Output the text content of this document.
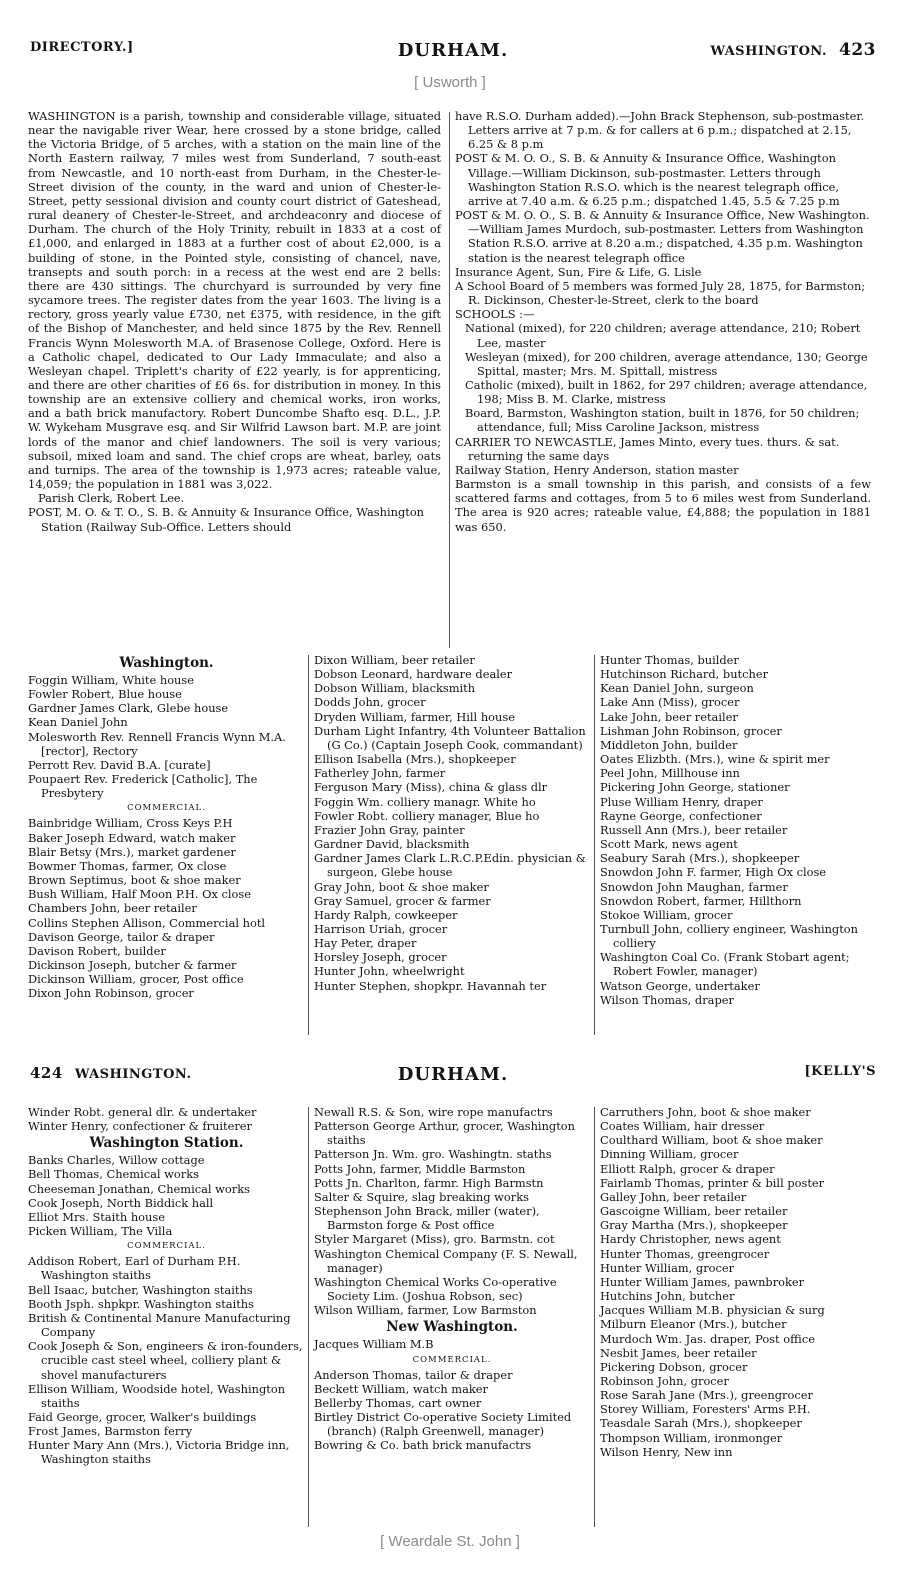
DIRECTORY.]	DURHAM.	WASHINGTON. 423
[ Usworth ]

WASHINGTON is a parish, township and considerable village, situated near the navigable river Wear, here crossed by a stone bridge, called the Victoria Bridge, of 5 arches, with a station on the main line of the North Eastern railway, 7 miles west from Sunderland, 7 south-east from Newcastle, and 10 north-east from Durham, in the Chester-le-Street division of the county, in the ward and union of Chester-le-Street, petty sessional division and county court district of Gateshead, rural deanery of Chester-le-Street, and archdeaconry and diocese of Durham. The church of the Holy Trinity, rebuilt in 1833 at a cost of £1,000, and enlarged in 1883 at a further cost of about £2,000, is a building of stone, in the Pointed style, consisting of chancel, nave, transepts and south porch: in a recess at the west end are 2 bells: there are 430 sittings. The churchyard is surrounded by very fine sycamore trees. The register dates from the year 1603. The living is a rectory, gross yearly value £730, net £375, with residence, in the gift of the Bishop of Manchester, and held since 1875 by the Rev. Rennell Francis Wynn Molesworth M.A. of Brasenose College, Oxford. Here is a Catholic chapel, dedicated to Our Lady Immaculate; and also a Wesleyan chapel. Triplett's charity of £22 yearly, is for apprenticing, and there are other charities of £6 6s. for distribution in money. In this township are an extensive colliery and chemical works, iron works, and a bath brick manufactory. Robert Duncombe Shafto esq. D.L., J.P. W. Wykeham Musgrave esq. and Sir Wilfrid Lawson bart. M.P. are joint lords of the manor and chief landowners. The soil is very various; subsoil, mixed loam and sand. The chief crops are wheat, barley, oats and turnips. The area of the township is 1,973 acres; rateable value, 14,059; the population in 1881 was 3,022.

Parish Clerk, Robert Lee.

POST, M. O. & T. O., S. B. & Annuity & Insurance Office, Washington Station (Railway Sub-Office. Letters should

have R.S.O. Durham added).—John Brack Stephenson, sub-postmaster. Letters arrive at 7 p.m. & for callers at 6 p.m.; dispatched at 2.15, 6.25 & 8 p.m

POST & M. O. O., S. B. & Annuity & Insurance Office, Washington Village.—William Dickinson, sub-postmaster. Letters through Washington Station R.S.O. which is the nearest telegraph office, arrive at 7.40 a.m. & 6.25 p.m.; dispatched 1.45, 5.5 & 7.25 p.m

POST & M. O. O., S. B. & Annuity & Insurance Office, New Washington.—William James Murdoch, sub-postmaster. Letters from Washington Station R.S.O. arrive at 8.20 a.m.; dispatched, 4.35 p.m. Washington station is the nearest telegraph office

Insurance Agent, Sun, Fire & Life, G. Lisle

A School Board of 5 members was formed July 28, 1875, for Barmston; R. Dickinson, Chester-le-Street, clerk to the board

SCHOOLS :—

National (mixed), for 220 children; average attendance, 210; Robert Lee, master

Wesleyan (mixed), for 200 children, average attendance, 130; George Spittal, master; Mrs. M. Spittall, mistress

Catholic (mixed), built in 1862, for 297 children; average attendance, 198; Miss B. M. Clarke, mistress

Board, Barmston, Washington station, built in 1876, for 50 children; attendance, full; Miss Caroline Jackson, mistress

CARRIER TO NEWCASTLE, James Minto, every tues. thurs. & sat. returning the same days

Railway Station, Henry Anderson, station master

Barmston is a small township in this parish, and consists of a few scattered farms and cottages, from 5 to 6 miles west from Sunderland. The area is 920 acres; rateable value, £4,888; the population in 1881 was 650.

Washington.

Foggin William, White house

Fowler Robert, Blue house

Gardner James Clark, Glebe house

Kean Daniel John

Molesworth Rev. Rennell Francis Wynn M.A. [rector], Rectory

Perrott Rev. David B.A. [curate]

Poupaert Rev. Frederick [Catholic], The Presbytery

COMMERCIAL.

Bainbridge William, Cross Keys P.H

Baker Joseph Edward, watch maker

Blair Betsy (Mrs.), market gardener

Bowmer Thomas, farmer, Ox close

Brown Septimus, boot & shoe maker

Bush William, Half Moon P.H. Ox close

Chambers John, beer retailer

Collins Stephen Allison, Commercial hotl

Davison George, tailor & draper

Davison Robert, builder

Dickinson Joseph, butcher & farmer

Dickinson William, grocer, Post office

Dixon John Robinson, grocer

Dixon William, beer retailer

Dobson Leonard, hardware dealer

Dobson William, blacksmith

Dodds John, grocer

Dryden William, farmer, Hill house

Durham Light Infantry, 4th Volunteer Battalion (G Co.) (Captain Joseph Cook, commandant)

Ellison Isabella (Mrs.), shopkeeper

Fatherley John, farmer

Ferguson Mary (Miss), china & glass dlr

Foggin Wm. colliery managr. White ho

Fowler Robt. colliery manager, Blue ho

Frazier John Gray, painter

Gardner David, blacksmith

Gardner James Clark L.R.C.P.Edin. physician & surgeon, Glebe house

Gray John, boot & shoe maker

Gray Samuel, grocer & farmer

Hardy Ralph, cowkeeper

Harrison Uriah, grocer

Hay Peter, draper

Horsley Joseph, grocer

Hunter John, wheelwright

Hunter Stephen, shopkpr. Havannah ter

Hunter Thomas, builder

Hutchinson Richard, butcher

Kean Daniel John, surgeon

Lake Ann (Miss), grocer

Lake John, beer retailer

Lishman John Robinson, grocer

Middleton John, builder

Oates Elizbth. (Mrs.), wine & spirit mer

Peel John, Millhouse inn

Pickering John George, stationer

Pluse William Henry, draper

Rayne George, confectioner

Russell Ann (Mrs.), beer retailer

Scott Mark, news agent

Seabury Sarah (Mrs.), shopkeeper

Snowdon John F. farmer, High Ox close

Snowdon John Maughan, farmer

Snowdon Robert, farmer, Hillthorn

Stokoe William, grocer

Turnbull John, colliery engineer, Washington colliery

Washington Coal Co. (Frank Stobart agent; Robert Fowler, manager)

Watson George, undertaker

Wilson Thomas, draper

424 WASHINGTON.	DURHAM.	[KELLY'S

Winder Robt. general dlr. & undertaker

Winter Henry, confectioner & fruiterer

Washington Station.

Banks Charles, Willow cottage

Bell Thomas, Chemical works

Cheeseman Jonathan, Chemical works

Cook Joseph, North Biddick hall

Elliot Mrs. Staith house

Picken William, The Villa

COMMERCIAL.

Addison Robert, Earl of Durham P.H. Washington staiths

Bell Isaac, butcher, Washington staiths

Booth Jsph. shpkpr. Washington staiths

British & Continental Manure Manufacturing Company

Cook Joseph & Son, engineers & iron-founders, crucible cast steel wheel, colliery plant & shovel manufacturers

Ellison William, Woodside hotel, Washington staiths

Faid George, grocer, Walker's buildings

Frost James, Barmston ferry

Hunter Mary Ann (Mrs.), Victoria Bridge inn, Washington staiths

Newall R.S. & Son, wire rope manufactrs

Patterson George Arthur, grocer, Washington staiths

Patterson Jn. Wm. gro. Washingtn. staths

Potts John, farmer, Middle Barmston

Potts Jn. Charlton, farmr. High Barmstn

Salter & Squire, slag breaking works

Stephenson John Brack, miller (water), Barmston forge & Post office

Styler Margaret (Miss), gro. Barmstn. cot

Washington Chemical Company (F. S. Newall, manager)

Washington Chemical Works Co-operative Society Lim. (Joshua Robson, sec)

Wilson William, farmer, Low Barmston

New Washington.

Jacques William M.B

COMMERCIAL.

Anderson Thomas, tailor & draper

Beckett William, watch maker

Bellerby Thomas, cart owner

Birtley District Co-operative Society Limited (branch) (Ralph Greenwell, manager)

Bowring & Co. bath brick manufactrs

Carruthers John, boot & shoe maker

Coates William, hair dresser

Coulthard William, boot & shoe maker

Dinning William, grocer

Elliott Ralph, grocer & draper

Fairlamb Thomas, printer & bill poster

Galley John, beer retailer

Gascoigne William, beer retailer

Gray Martha (Mrs.), shopkeeper

Hardy Christopher, news agent

Hunter Thomas, greengrocer

Hunter William, grocer

Hunter William James, pawnbroker

Hutchins John, butcher

Jacques William M.B. physician & surg

Milburn Eleanor (Mrs.), butcher

Murdoch Wm. Jas. draper, Post office

Nesbit James, beer retailer

Pickering Dobson, grocer

Robinson John, grocer

Rose Sarah Jane (Mrs.), greengrocer

Storey William, Foresters' Arms P.H.

Teasdale Sarah (Mrs.), shopkeeper

Thompson William, ironmonger

Wilson Henry, New inn

[ Weardale St. John ]
